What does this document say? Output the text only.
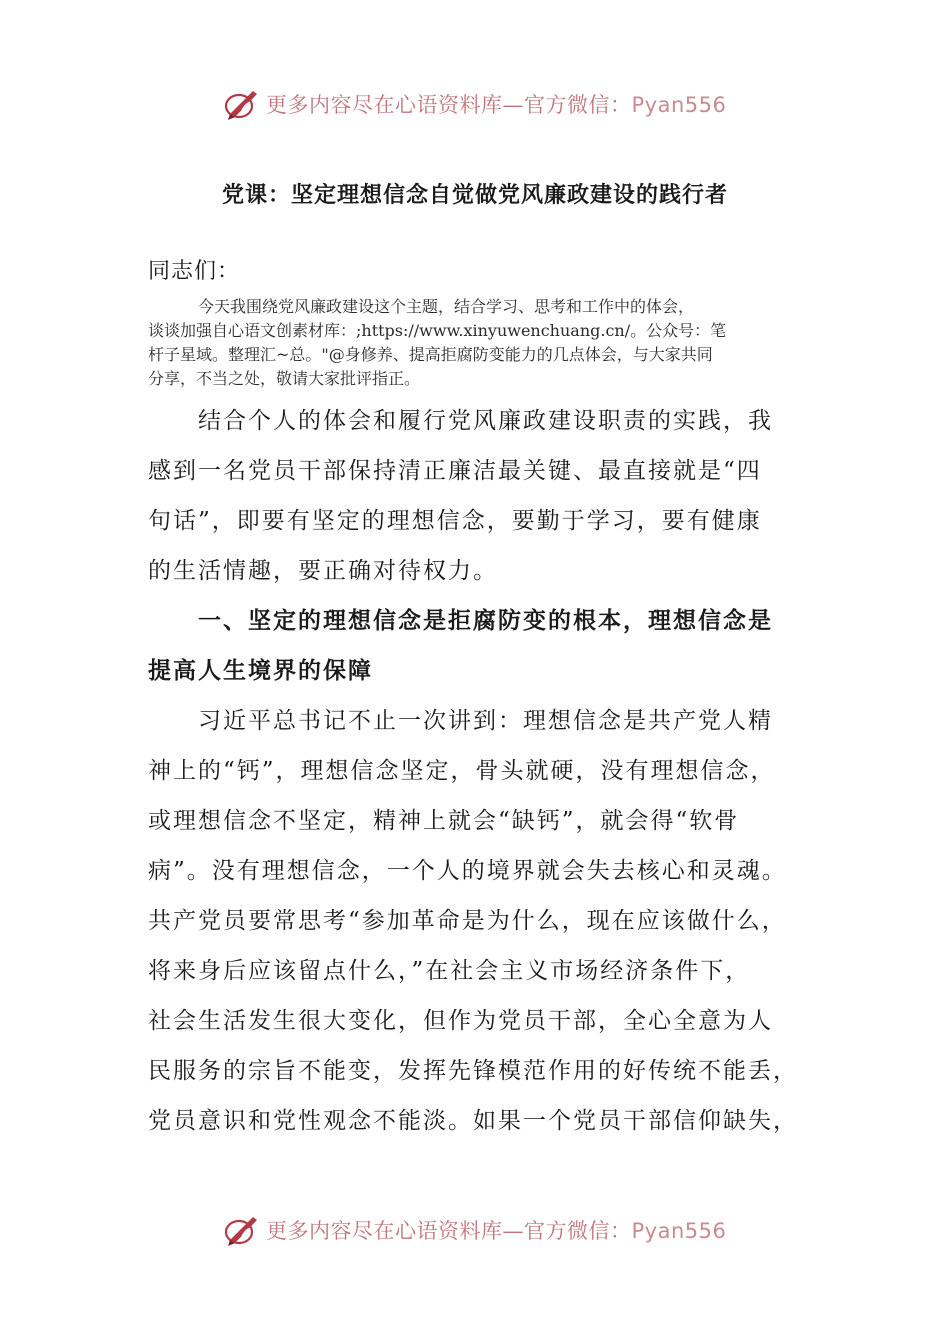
更多内容尽在心语资料库—官方微信：Pyan556
党课：坚定理想信念自觉做党风廉政建设的践行者
同志们：

今天我围绕党风廉政建设这个主题，结合学习、思考和工作中的体会，

谈谈加强自心语文创素材库：;https://www.xinyuwenchuang.cn/。公众号：笔

杆子星域。整理汇~总。"@身修养、提高拒腐防变能力的几点体会，与大家共同

分享，不当之处，敬请大家批评指正。

结合个人的体会和履行党风廉政建设职责的实践，我

感到一名党员干部保持清正廉洁最关键、最直接就是“四

句话”，即要有坚定的理想信念，要勤于学习，要有健康

的生活情趣，要正确对待权力。

一、坚定的理想信念是拒腐防变的根本，理想信念是

提高人生境界的保障

习近平总书记不止一次讲到：理想信念是共产党人精

神上的“钙”，理想信念坚定，骨头就硬，没有理想信念，

或理想信念不坚定，精神上就会“缺钙”，就会得“软骨

病”。没有理想信念，一个人的境界就会失去核心和灵魂。

共产党员要常思考“参加革命是为什么，现在应该做什么，

将来身后应该留点什么，”在社会主义市场经济条件下，

社会生活发生很大变化，但作为党员干部，全心全意为人

民服务的宗旨不能变，发挥先锋模范作用的好传统不能丢，

党员意识和党性观念不能淡。如果一个党员干部信仰缺失，

更多内容尽在心语资料库—官方微信：Pyan556
